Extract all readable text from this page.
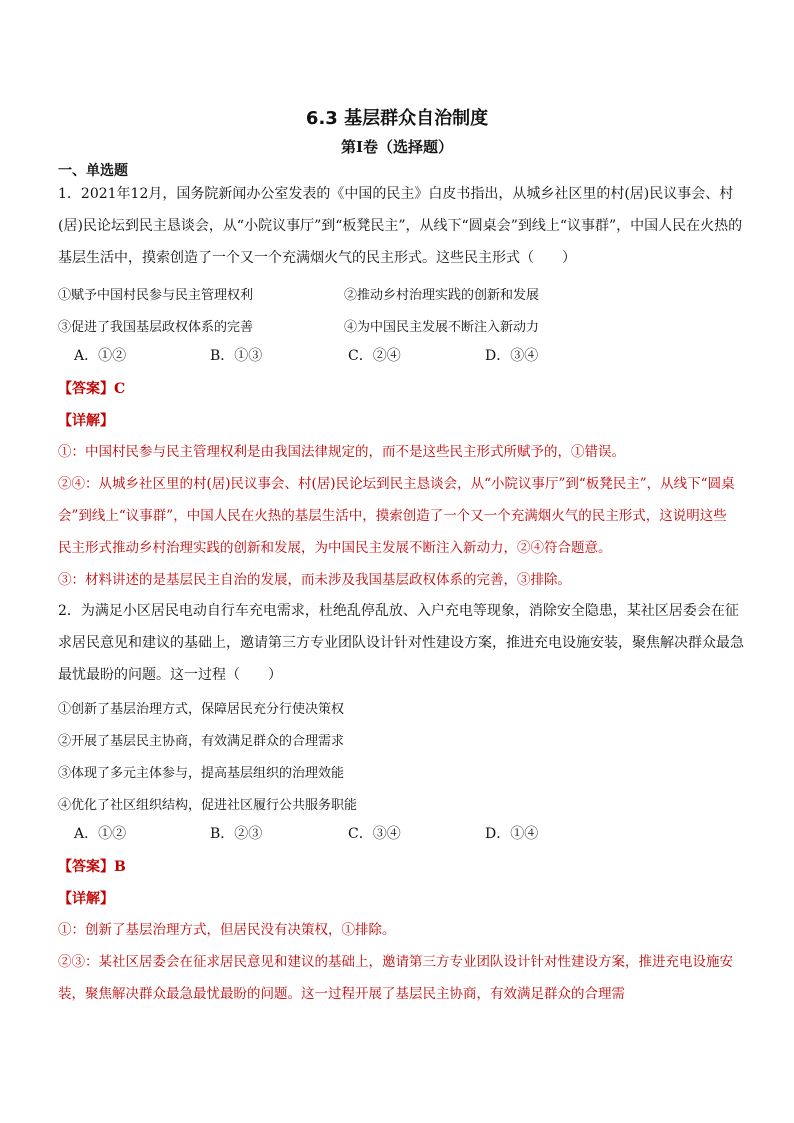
6.3 基层群众自治制度
第I卷（选择题）
一、单选题
1．2021年12月，国务院新闻办公室发表的《中国的民主》白皮书指出，从城乡社区里的村(居)民议事会、村(居)民论坛到民主恳谈会，从“小院议事厅”到“板凳民主”，从线下“圆桌会”到线上“议事群”，中国人民在火热的基层生活中，摸索创造了一个又一个充满烟火气的民主形式。这些民主形式（　　）
①赋予中国村民参与民主管理权利	②推动乡村治理实践的创新和发展
③促进了我国基层政权体系的完善	④为中国民主发展不断注入新动力
A．①②	B．①③	C．②④	D．③④
【答案】C
【详解】
①：中国村民参与民主管理权利是由我国法律规定的，而不是这些民主形式所赋予的，①错误。
②④：从城乡社区里的村(居)民议事会、村(居)民论坛到民主恳谈会，从“小院议事厅”到“板凳民主”，从线下“圆桌会”到线上“议事群”，中国人民在火热的基层生活中，摸索创造了一个又一个充满烟火气的民主形式，这说明这些民主形式推动乡村治理实践的创新和发展，为中国民主发展不断注入新动力，②④符合题意。
③：材料讲述的是基层民主自治的发展，而未涉及我国基层政权体系的完善，③排除。
2．为满足小区居民电动自行车充电需求，杜绝乱停乱放、入户充电等现象，消除安全隐患，某社区居委会在征求居民意见和建议的基础上，邀请第三方专业团队设计针对性建设方案，推进充电设施安装，聚焦解决群众最急最忧最盼的问题。这一过程（　　）
①创新了基层治理方式，保障居民充分行使决策权
②开展了基层民主协商，有效满足群众的合理需求
③体现了多元主体参与，提高基层组织的治理效能
④优化了社区组织结构，促进社区履行公共服务职能
A．①②	B．②③	C．③④	D．①④
【答案】B
【详解】
①：创新了基层治理方式，但居民没有决策权，①排除。
②③：某社区居委会在征求居民意见和建议的基础上，邀请第三方专业团队设计针对性建设方案，推进充电设施安装，聚焦解决群众最急最忧最盼的问题。这一过程开展了基层民主协商，有效满足群众的合理需
